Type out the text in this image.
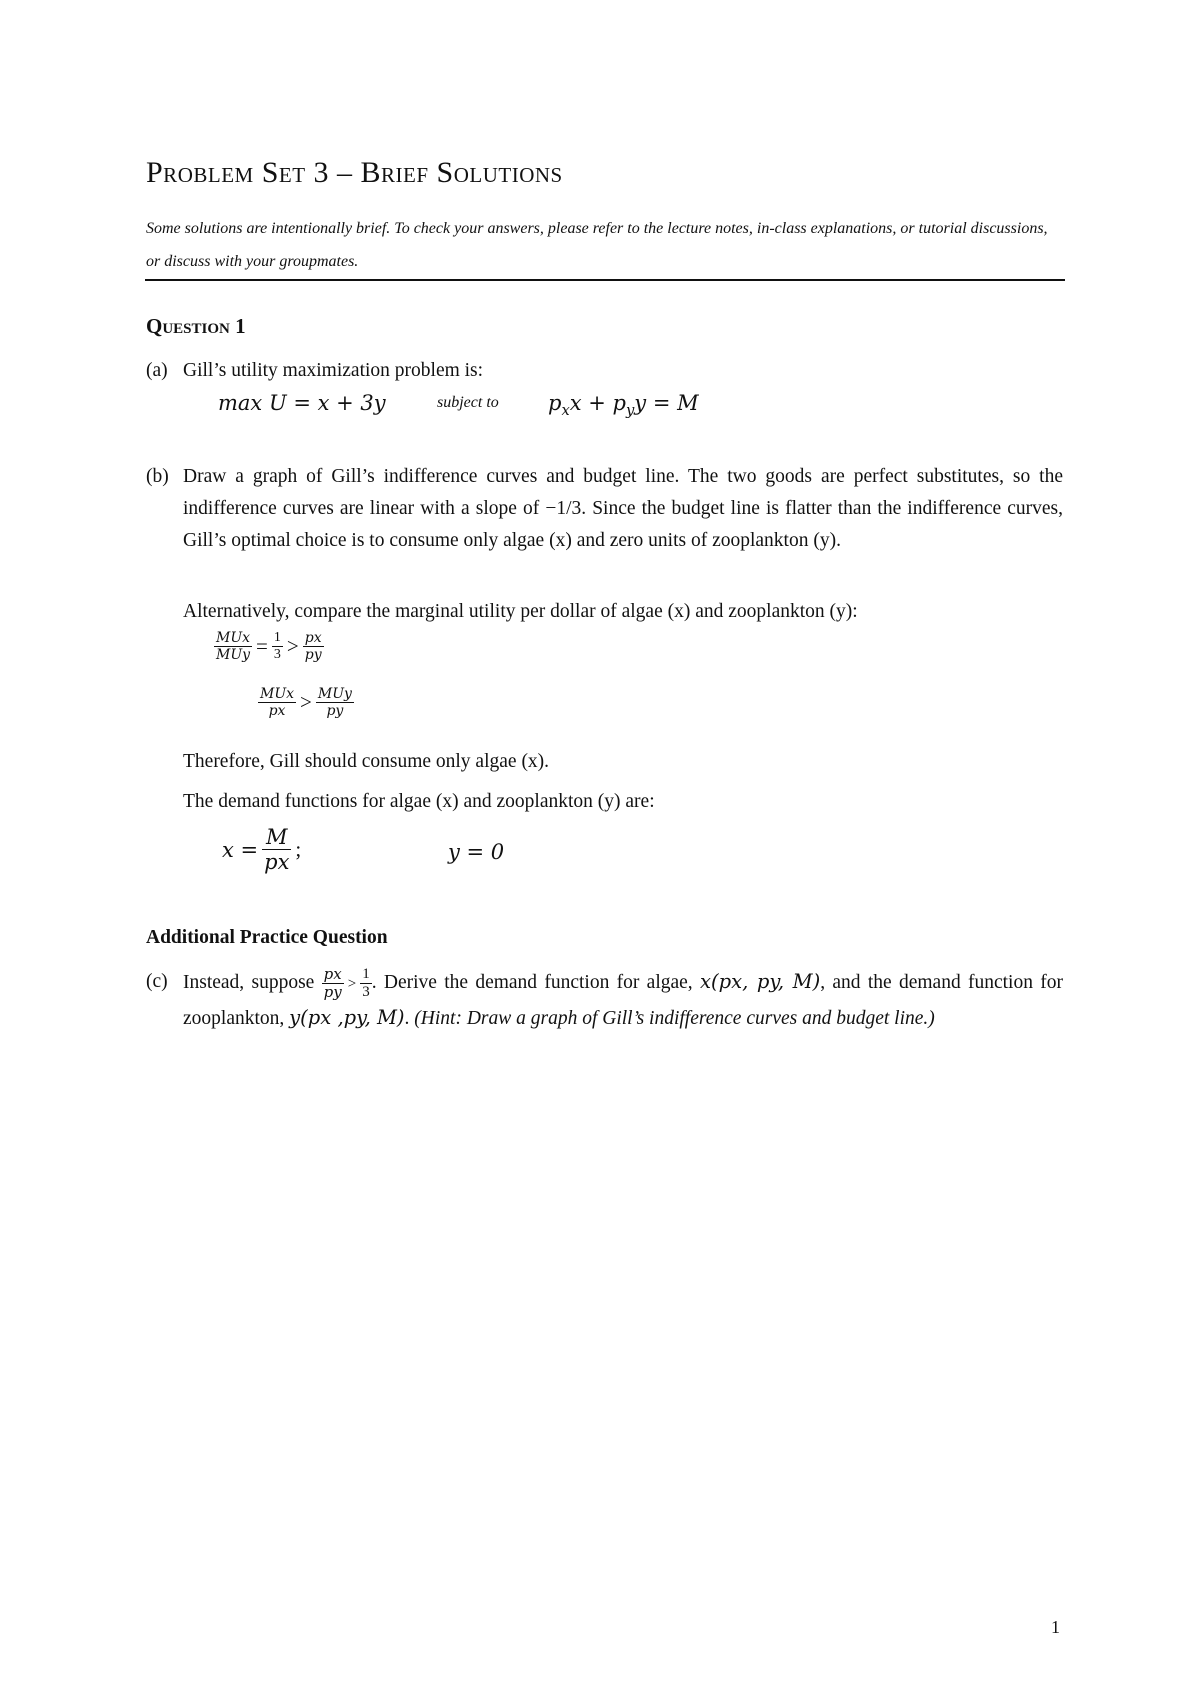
Problem Set 3 – Brief Solutions
Some solutions are intentionally brief. To check your answers, please refer to the lecture notes, in-class explanations, or tutorial discussions, or discuss with your groupmates.
Question 1
(a) Gill’s utility maximization problem is:
max U = x + 3y	subject to $p_xx + p_yy = M$
(b) Draw a graph of Gill’s indifference curves and budget line. The two goods are perfect substitutes, so the indifference curves are linear with a slope of −1/3. Since the budget line is flatter than the indifference curves, Gill’s optimal choice is to consume only algae (x) and zero units of zooplankton (y).
Alternatively, compare the marginal utility per dollar of algae (x) and zooplankton (y):
$\frac{\text{MUx}}{\text{MUy}} = \frac{1}{3} > \frac{px}{py}$
$\frac{\text{MUx}}{px} > \frac{\text{MUy}}{py}$
Therefore, Gill should consume only algae (x).
The demand functions for algae (x) and zooplankton (y) are:
$x = \frac{M}{px}$ ;	y = 0
Additional Practice Question
(c) Instead, suppose $\frac{px}{py} > \frac{1}{3}$ . Derive the demand function for algae, x(px, py, M), and the demand function for zooplankton, y(px ,py, M). (Hint: Draw a graph of Gill’s indifference curves and budget line.)
1
